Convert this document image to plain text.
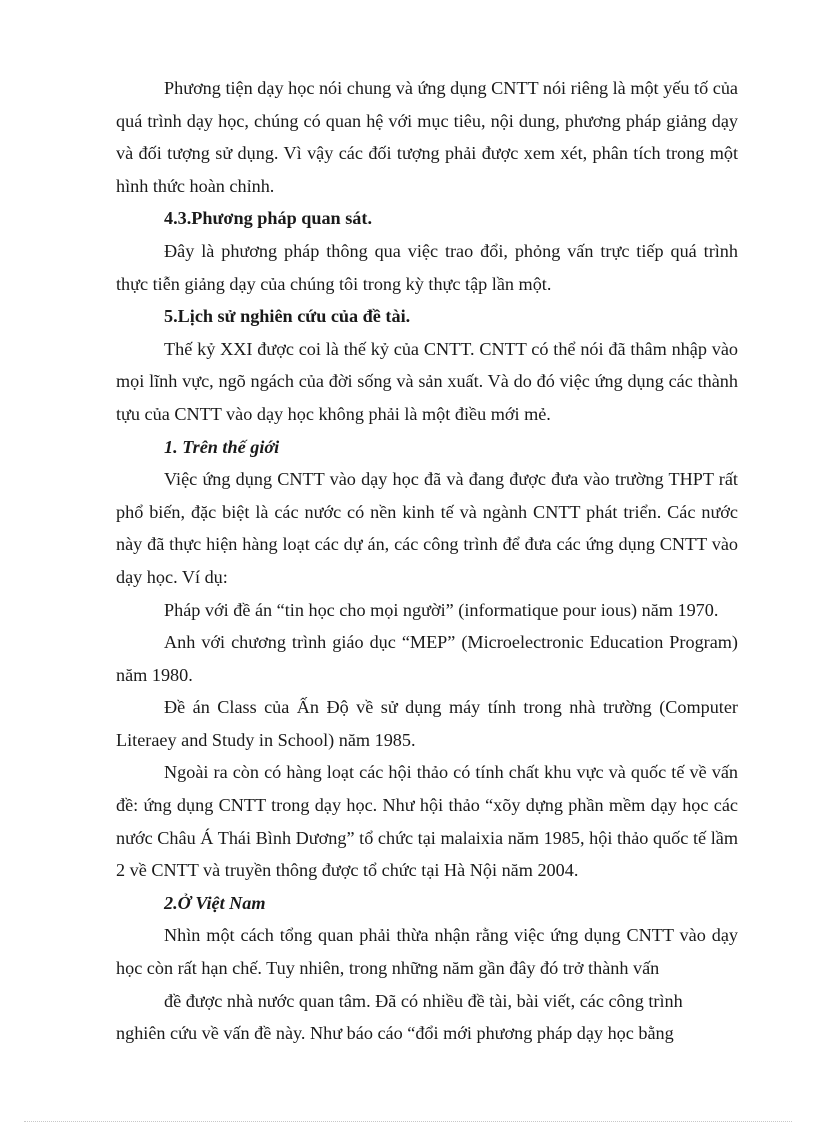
Phương tiện dạy học nói chung và ứng dụng CNTT nói riêng là một yếu tố của quá trình dạy học, chúng có quan hệ với mục tiêu, nội dung, phương pháp giảng dạy và đối tượng sử dụng. Vì vậy các đối tượng phải được xem xét, phân tích trong một hình thức hoàn chỉnh.

4.3.Phương pháp quan sát.

Đây là phương pháp thông qua việc trao đổi, phỏng vấn trực tiếp quá trình thực tiễn giảng dạy của chúng tôi trong kỳ thực tập lần một.

5.Lịch sử nghiên cứu của đề tài.

Thế kỷ XXI được coi là thế kỷ của CNTT. CNTT có thể nói đã thâm nhập vào mọi lĩnh vực, ngõ ngách của đời sống và sản xuất. Và do đó việc ứng dụng các thành tựu của CNTT vào dạy học không phải là một điều mới mẻ.

1. Trên thế giới

Việc ứng dụng CNTT vào dạy học đã và đang được đưa vào trường THPT rất phổ biến, đặc biệt là các nước có nền kinh tế và ngành CNTT phát triển. Các nước này đã thực hiện hàng loạt các dự án, các công trình để đưa các ứng dụng CNTT vào dạy học. Ví dụ:

Pháp với đề án “tin học cho mọi người” (informatique pour ious) năm 1970.

Anh với chương trình giáo dục “MEP” (Microelectronic Education Program) năm 1980.

Đề án Class của Ấn Độ về sử dụng máy tính trong nhà trường (Computer Literaey and Study in School) năm 1985.

Ngoài ra còn có hàng loạt các hội thảo có tính chất khu vực và quốc tế về vấn đề: ứng dụng CNTT trong dạy học. Như hội thảo “xõy dựng phần mềm dạy học các nước Châu Á Thái Bình Dương” tổ chức tại malaixia năm 1985, hội thảo quốc tế lầm 2 về CNTT và truyền thông được tổ chức tại Hà Nội năm 2004.

2.Ở Việt Nam

Nhìn một cách tổng quan phải thừa nhận rằng việc ứng dụng CNTT vào dạy học còn rất hạn chế. Tuy nhiên, trong những năm gần đây đó trở thành vấn

đề được nhà nước quan tâm. Đã có nhiều đề tài, bài viết, các công trình

nghiên cứu về vấn đề này. Như báo cáo “đổi mới phương pháp dạy học bằng
